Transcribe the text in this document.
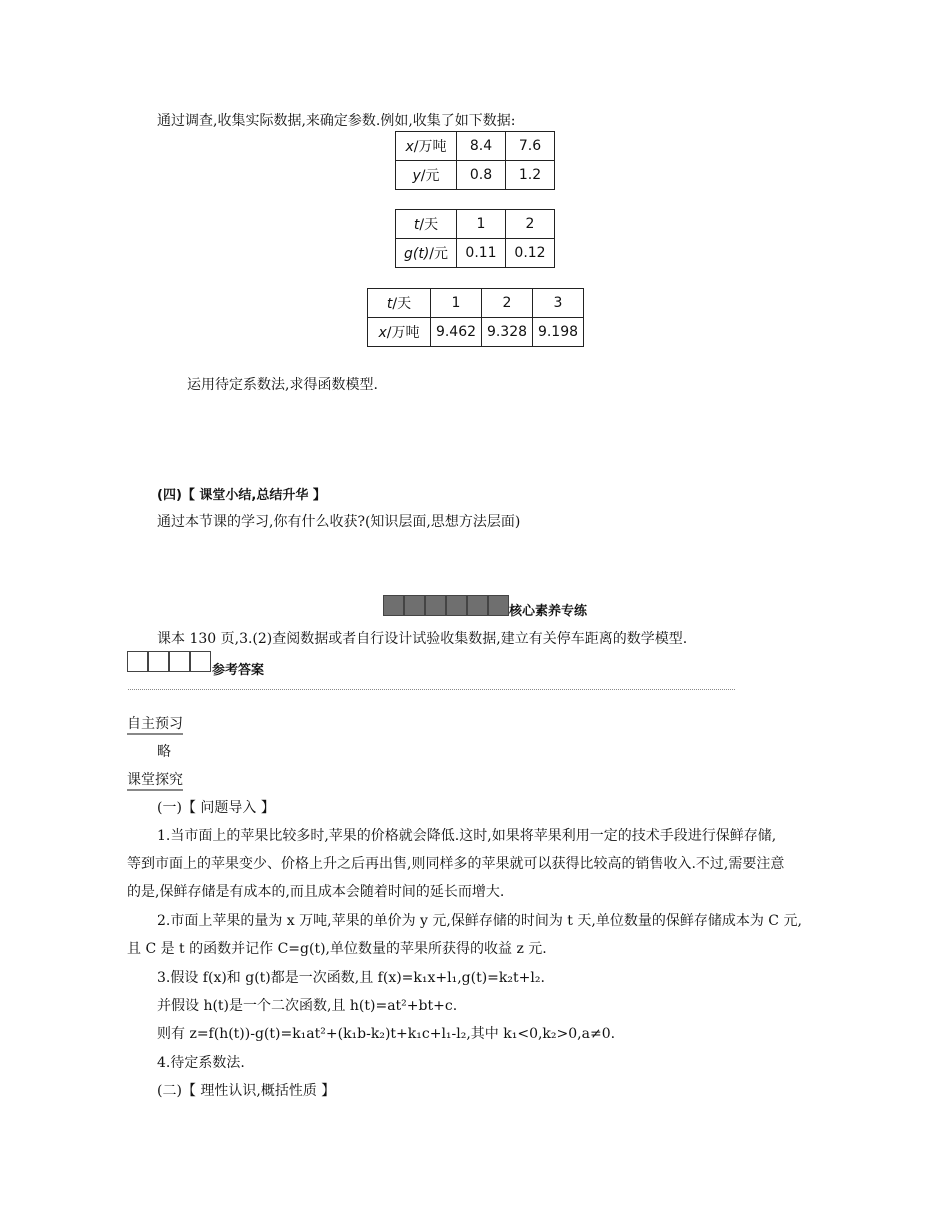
通过调查,收集实际数据,来确定参数.例如,收集了如下数据:
x/万吨	8.4	7.6
y/元	0.8	1.2
t/天	1	2
g(t)/元	0.11	0.12
t/天	1	2	3
x/万吨	9.462	9.328	9.198
运用待定系数法,求得函数模型.
(四)【 课堂小结,总结升华 】
通过本节课的学习,你有什么收获?(知识层面,思想方法层面)
核心素养专练
课本 130 页,3.(2)查阅数据或者自行设计试验收集数据,建立有关停车距离的数学模型.
参考答案
自主预习
略
课堂探究
(一)【 问题导入 】
1.当市面上的苹果比较多时,苹果的价格就会降低.这时,如果将苹果利用一定的技术手段进行保鲜存储,
等到市面上的苹果变少、价格上升之后再出售,则同样多的苹果就可以获得比较高的销售收入.不过,需要注意
的是,保鲜存储是有成本的,而且成本会随着时间的延长而增大.
2.市面上苹果的量为 x 万吨,苹果的单价为 y 元,保鲜存储的时间为 t 天,单位数量的保鲜存储成本为 C 元,
且 C 是 t 的函数并记作 C=g(t),单位数量的苹果所获得的收益 z 元.
3.假设 f(x)和 g(t)都是一次函数,且 f(x)=k₁x+l₁,g(t)=k₂t+l₂.
并假设 h(t)是一个二次函数,且 h(t)=at²+bt+c.
则有 z=f(h(t))-g(t)=k₁at²+(k₁b-k₂)t+k₁c+l₁-l₂,其中 k₁<0,k₂>0,a≠0.
4.待定系数法.
(二)【 理性认识,概括性质 】
